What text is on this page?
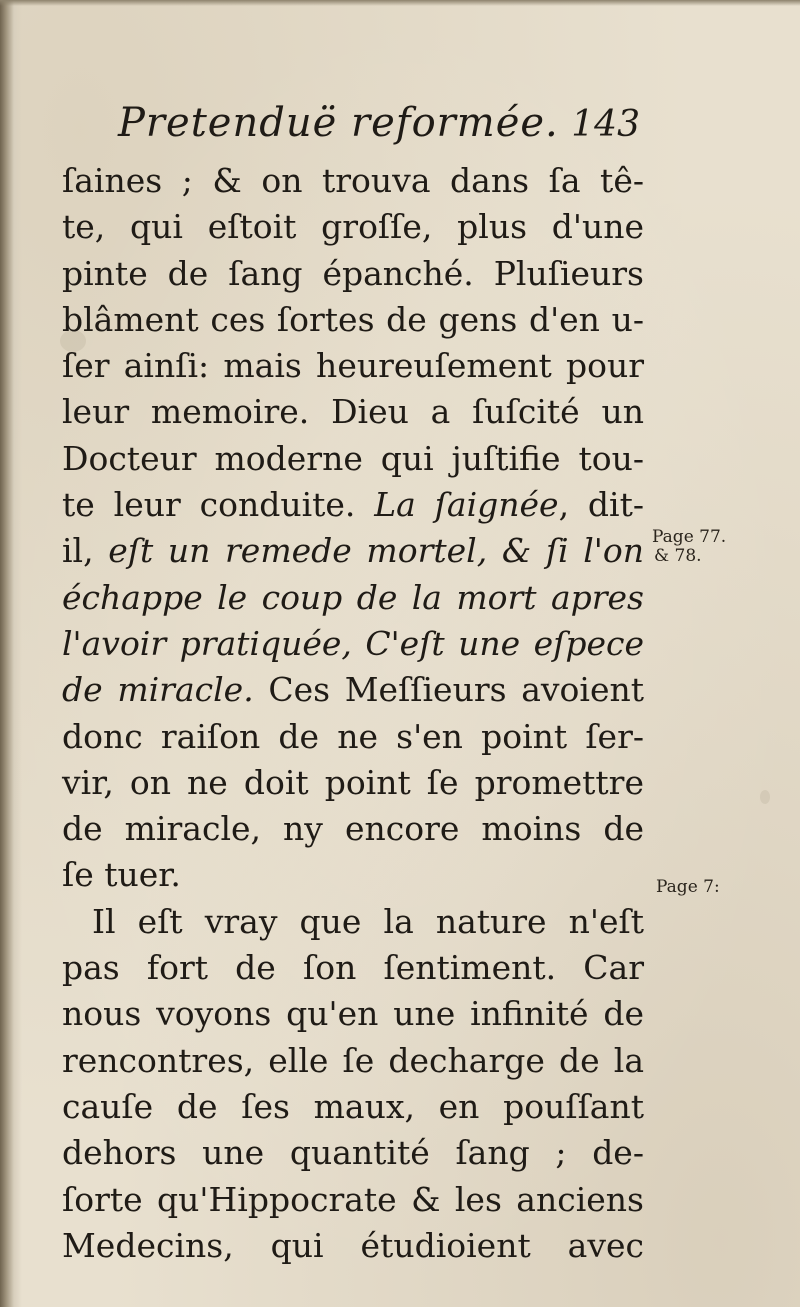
Pretenduë reformée. 143
ſaines ; & on trouva dans ſa tê-
te, qui eſtoit groſſe, plus d'une
pinte de ſang épanché. Pluſieurs
blâment ces ſortes de gens d'en u-
ſer ainſi: mais heureuſement pour
leur memoire. Dieu a ſuſcité un
Docteur moderne qui juſtifie tou-
te leur conduite. La ſaignée, dit-
il, eſt un remede mortel, & ſi l'on
échappe le coup de la mort apres
l'avoir pratiquée, C'eſt une eſpece
de miracle. Ces Meſſieurs avoient
donc raiſon de ne s'en point ſer-
vir, on ne doit point ſe promettre
de miracle, ny encore moins de
ſe tuer.
Il eſt vray que la nature n'eſt
pas fort de ſon ſentiment. Car
nous voyons qu'en une infinité de
rencontres, elle ſe decharge de la
cauſe de ſes maux, en pouſſant
dehors une quantité ſang ; de-
ſorte qu'Hippocrate & les anciens
Medecins, qui étudioient avec
Page 77.
& 78.
Page 7:
